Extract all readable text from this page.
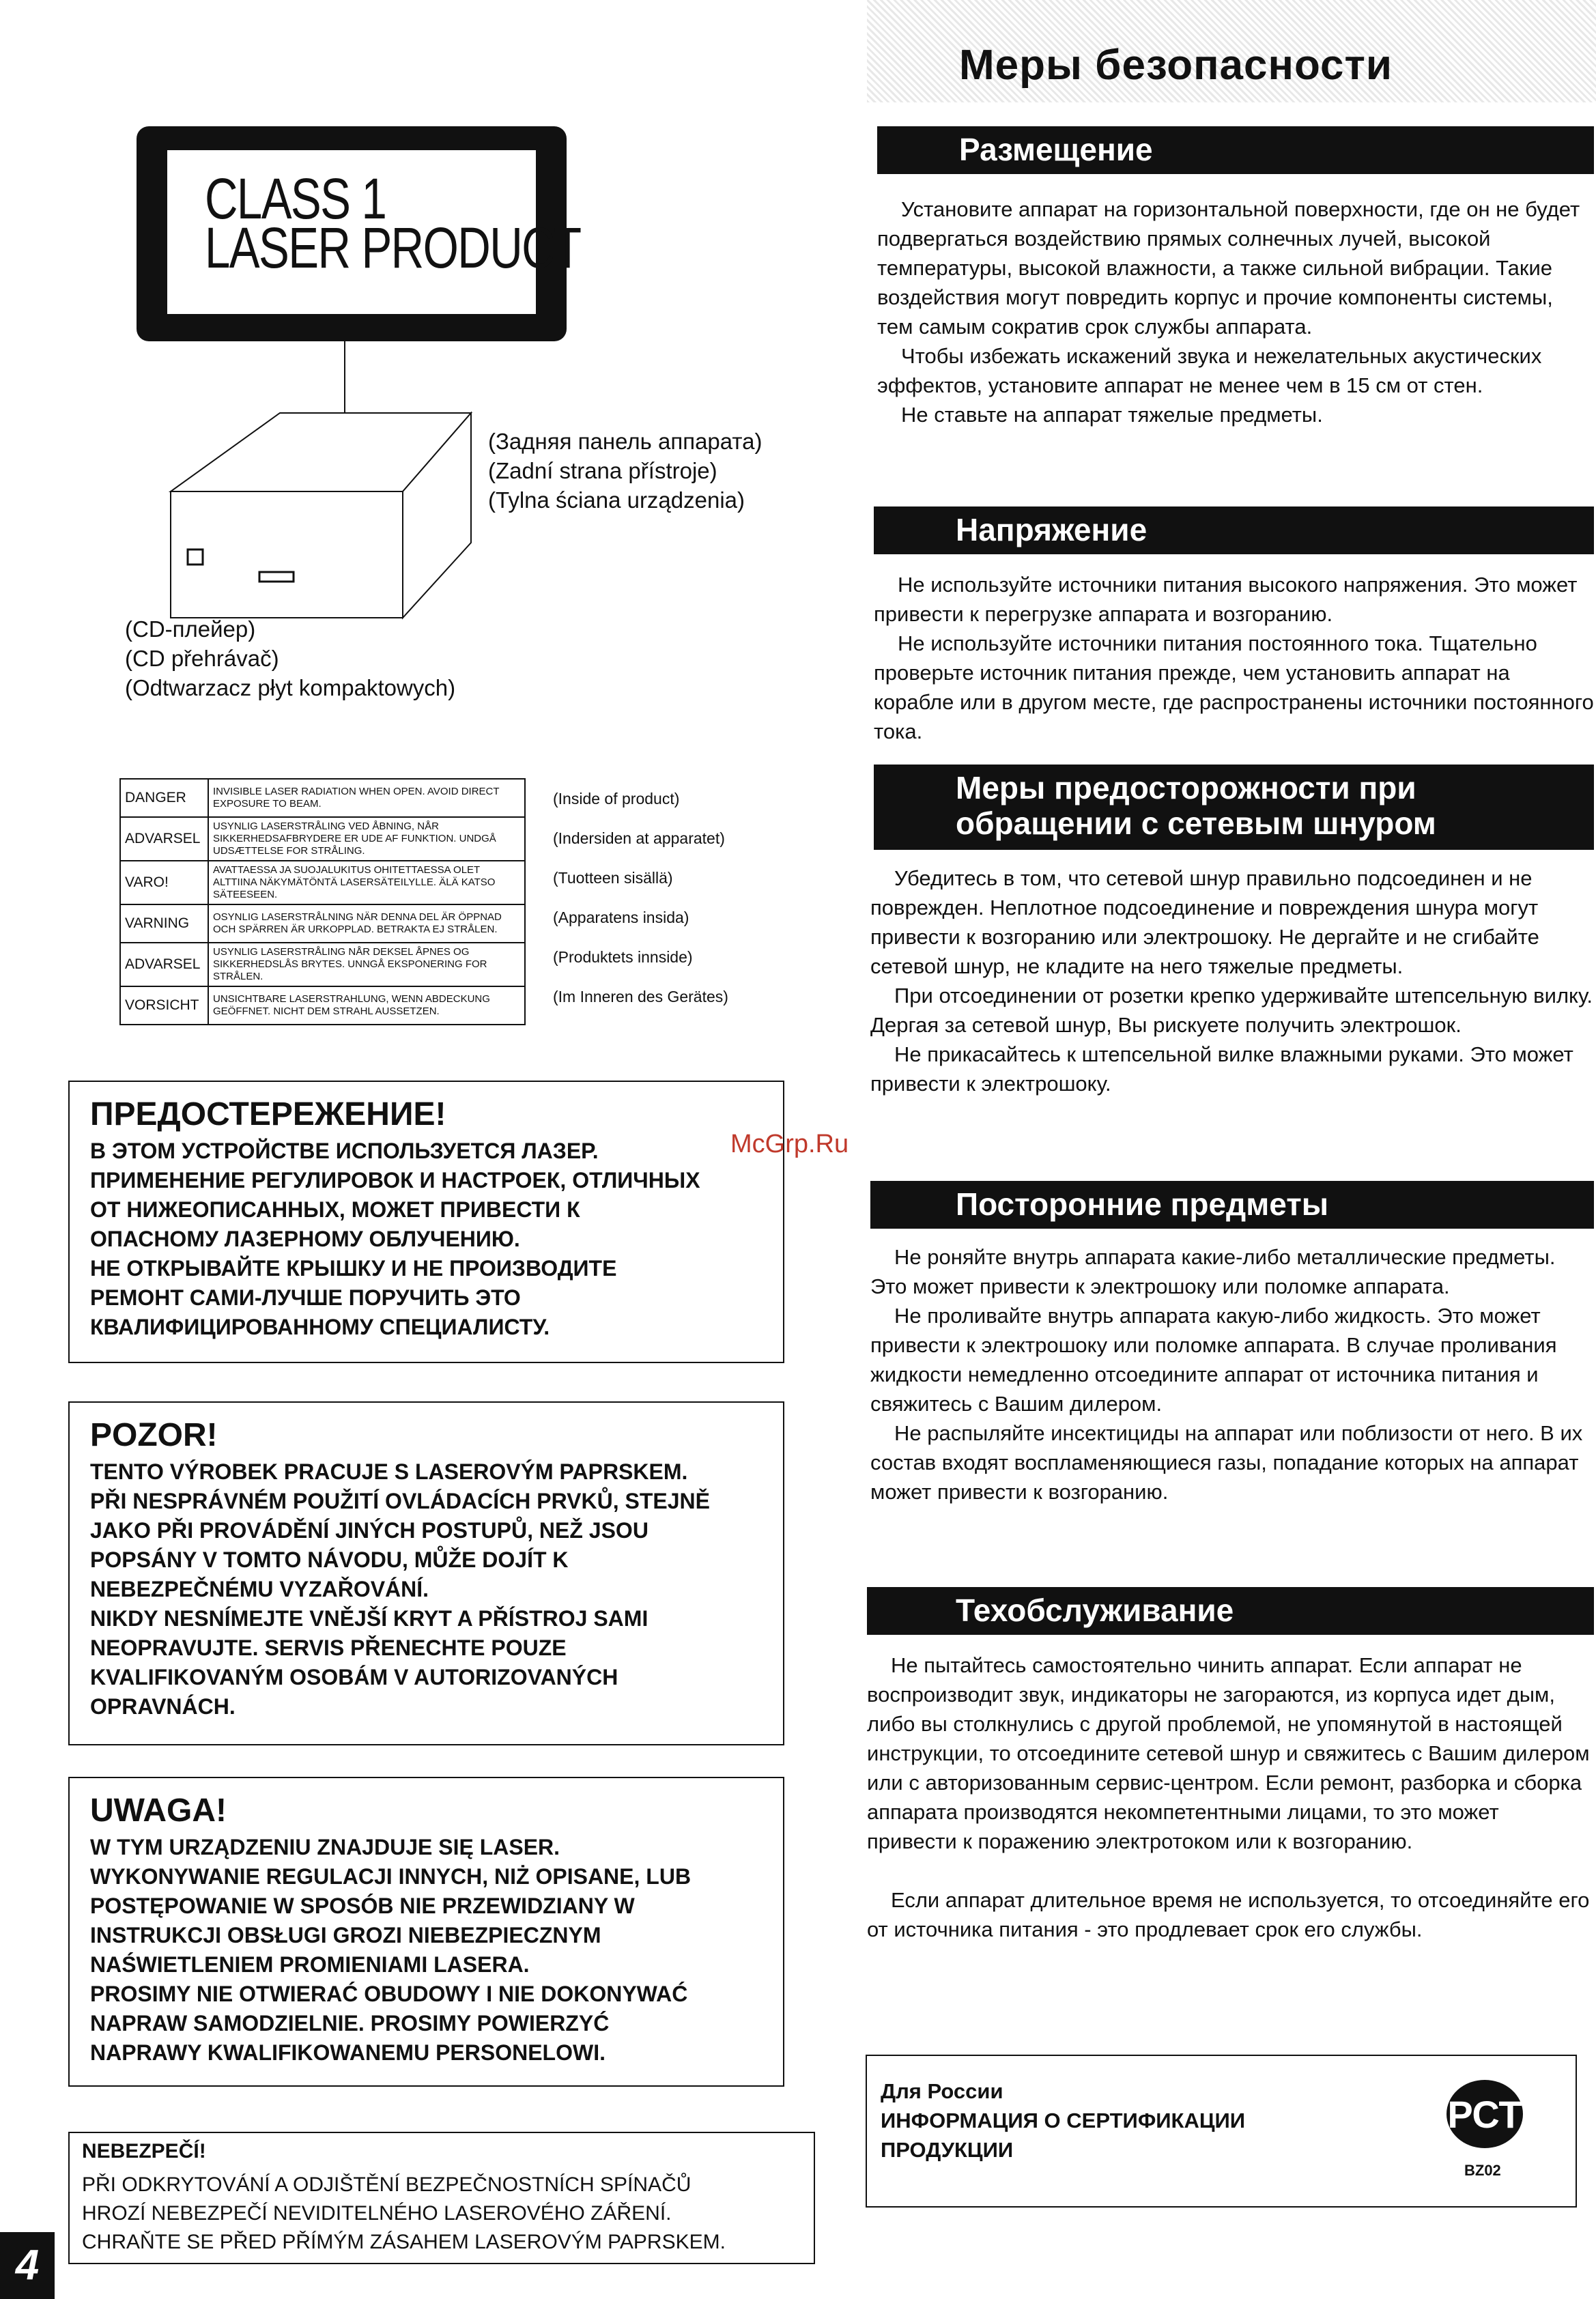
Меры безопасности
CLASS 1
LASER PRODUCT
(Задняя панель аппарата)
(Zadní strana přístroje)
(Tylna ściana urządzenia)
(CD-плейер)
(CD přehrávač)
(Odtwarzacz płyt kompaktowych)
DANGER	INVISIBLE LASER RADIATION WHEN OPEN. AVOID DIRECT EXPOSURE TO BEAM.
ADVARSEL	USYNLIG LASERSTRÅLING VED ÅBNING, NÅR SIKKERHEDSAFBRYDERE ER UDE AF FUNKTION. UNDGÅ UDSÆTTELSE FOR STRÅLING.
VARO!	AVATTAESSA JA SUOJALUKITUS OHITETTAESSA OLET ALTTIINA NÄKYMÄTÖNTÄ LASERSÄTEILYLLE. ÄLÄ KATSO SÄTEESEEN.
VARNING	OSYNLIG LASERSTRÅLNING NÄR DENNA DEL ÄR ÖPPNAD OCH SPÄRREN ÄR URKOPPLAD. BETRAKTA EJ STRÅLEN.
ADVARSEL	USYNLIG LASERSTRÅLING NÅR DEKSEL ÅPNES OG SIKKERHEDSLÅS BRYTES. UNNGÅ EKSPONERING FOR STRÅLEN.
VORSICHT	UNSICHTBARE LASERSTRAHLUNG, WENN ABDECKUNG GEÖFFNET. NICHT DEM STRAHL AUSSETZEN.
(Inside of product)
(Indersiden at apparatet)
(Tuotteen sisällä)
(Apparatens insida)
(Produktets innside)
(Im Inneren des Gerätes)
ПРЕДОСТЕРЕЖЕНИЕ!
В ЭТОМ УСТРОЙСТВЕ ИСПОЛЬЗУЕТСЯ ЛАЗЕР.
ПРИМЕНЕНИЕ РЕГУЛИРОВОК И НАСТРОЕК, ОТЛИЧНЫХ
ОТ НИЖЕОПИСАННЫХ, МОЖЕТ ПРИВЕСТИ К
ОПАСНОМУ ЛАЗЕРНОМУ ОБЛУЧЕНИЮ.
НЕ ОТКРЫВАЙТЕ КРЫШКУ И НЕ ПРОИЗВОДИТЕ
РЕМОНТ САМИ-ЛУЧШЕ ПОРУЧИТЬ ЭТО
КВАЛИФИЦИРОВАННОМУ СПЕЦИАЛИСТУ.
McGrp.Ru
POZOR!
TENTO VÝROBEK PRACUJE S LASEROVÝM PAPRSKEM.
PŘI NESPRÁVNÉM POUŽITÍ OVLÁDACÍCH PRVKŮ, STEJNĚ
JAKO PŘI PROVÁDĚNÍ JINÝCH POSTUPŮ, NEŽ JSOU
POPSÁNY V TOMTO NÁVODU, MŮŽE DOJÍT K
NEBEZPEČNÉMU VYZAŘOVÁNÍ.
NIKDY NESNÍMEJTE VNĚJŠÍ KRYT A PŘÍSTROJ SAMI
NEOPRAVUJTE. SERVIS PŘENECHTE POUZE
KVALIFIKOVANÝM OSOBÁM V AUTORIZOVANÝCH
OPRAVNÁCH.
UWAGA!
W TYM URZĄDZENIU ZNAJDUJE SIĘ LASER.
WYKONYWANIE REGULACJI INNYCH, NIŻ OPISANE, LUB
POSTĘPOWANIE W SPOSÓB NIE PRZEWIDZIANY W
INSTRUKCJI OBSŁUGI GROZI NIEBEZPIECZNYM
NAŚWIETLENIEM PROMIENIAMI LASERA.
PROSIMY NIE OTWIERAĆ OBUDOWY I NIE DOKONYWAĆ
NAPRAW SAMODZIELNIE. PROSIMY POWIERZYĆ
NAPRAWY KWALIFIKOWANEMU PERSONELOWI.
NEBEZPEČÍ!
PŘI ODKRYTOVÁNÍ A ODJIŠTĚNÍ BEZPEČNOSTNÍCH SPÍNAČŮ
HROZÍ NEBEZPEČÍ NEVIDITELNÉHO LASEROVÉHO ZÁŘENÍ.
CHRAŇTE SE PŘED PŘÍMÝM ZÁSAHEM LASEROVÝM PAPRSKEM.
Размещение

Установите аппарат на горизонтальной поверхности, где он не будет подвергаться воздействию прямых солнечных лучей, высокой температуры, высокой влажности, а также сильной вибрации. Такие воздействия могут повредить корпус и прочие компоненты системы, тем самым сократив срок службы аппарата.

Чтобы избежать искажений звука и нежелательных акустических эффектов, установите аппарат не менее чем в 15 см от стен.

Не ставьте на аппарат тяжелые предметы.

Напряжение

Не используйте источники питания высокого напряжения. Это может привести к перегрузке аппарата и возгоранию.

Не используйте источники питания постоянного тока. Тщательно проверьте источник питания прежде, чем установить аппарат на корабле или в другом месте, где распространены источники постоянного тока.

Меры предосторожности при обращении с сетевым шнуром

Убедитесь в том, что сетевой шнур правильно подсоединен и не поврежден. Неплотное подсоединение и повреждения шнура могут привести к возгоранию или электрошоку. Не дергайте и не сгибайте сетевой шнур, не кладите на него тяжелые предметы.

При отсоединении от розетки крепко удерживайте штепсельную вилку. Дергая за сетевой шнур, Вы рискуете получить электрошок.

Не прикасайтесь к штепсельной вилке влажными руками. Это может привести к электрошоку.

Посторонние предметы

Не роняйте внутрь аппарата какие-либо металлические предметы. Это может привести к электрошоку или поломке аппарата.

Не проливайте внутрь аппарата какую-либо жидкость. Это может привести к электрошоку или поломке аппарата. В случае проливания жидкости немедленно отсоедините аппарат от источника питания и свяжитесь с Вашим дилером.

Не распыляйте инсектициды на аппарат или поблизости от него. В их состав входят воспламеняющиеся газы, попадание которых на аппарат может привести к возгоранию.

Техобслуживание

Не пытайтесь самостоятельно чинить аппарат. Если аппарат не воспроизводит звук, индикаторы не загораются, из корпуса идет дым, либо вы столкнулись с другой проблемой, не упомянутой в настоящей инструкции, то отсоедините сетевой шнур и свяжитесь с Вашим дилером или с авторизованным сервис-центром. Если ремонт, разборка и сборка аппарата производятся некомпетентными лицами, то это может привести к поражению электротоком или к возгоранию.

Если аппарат длительное время не используется, то отсоединяйте его от источника питания - это продлевает срок его службы.

Для России
ИНФОРМАЦИЯ О СЕРТИФИКАЦИИ
ПРОДУКЦИИ
РСТ
BZ02
4
